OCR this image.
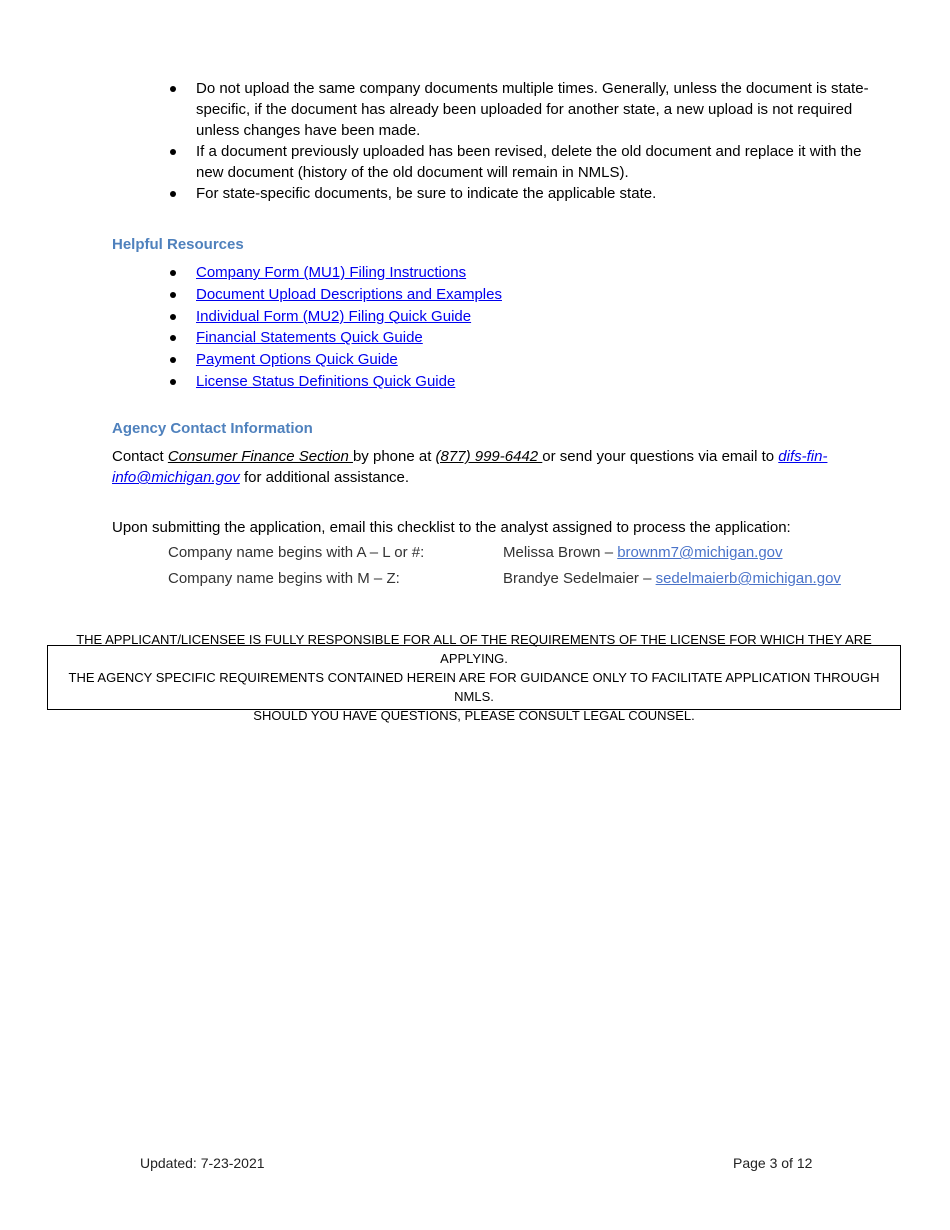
Do not upload the same company documents multiple times. Generally, unless the document is state-specific, if the document has already been uploaded for another state, a new upload is not required unless changes have been made.
If a document previously uploaded has been revised, delete the old document and replace it with the new document (history of the old document will remain in NMLS).
For state-specific documents, be sure to indicate the applicable state.
Helpful Resources
Company Form (MU1) Filing Instructions
Document Upload Descriptions and Examples
Individual Form (MU2) Filing Quick Guide
Financial Statements Quick Guide
Payment Options Quick Guide
License Status Definitions Quick Guide
Agency Contact Information
Contact Consumer Finance Section by phone at (877) 999-6442 or send your questions via email to difs-fin-info@michigan.gov for additional assistance.
Upon submitting the application, email this checklist to the analyst assigned to process the application:
Company name begins with A – L or #:	Melissa Brown – brownm7@michigan.gov
Company name begins with M – Z:	Brandye Sedelmaier – sedelmaierb@michigan.gov
THE APPLICANT/LICENSEE IS FULLY RESPONSIBLE FOR ALL OF THE REQUIREMENTS OF THE LICENSE FOR WHICH THEY ARE APPLYING.
THE AGENCY SPECIFIC REQUIREMENTS CONTAINED HEREIN ARE FOR GUIDANCE ONLY TO FACILITATE APPLICATION THROUGH NMLS.
SHOULD YOU HAVE QUESTIONS, PLEASE CONSULT LEGAL COUNSEL.
Updated: 7-23-2021	Page 3 of 12
